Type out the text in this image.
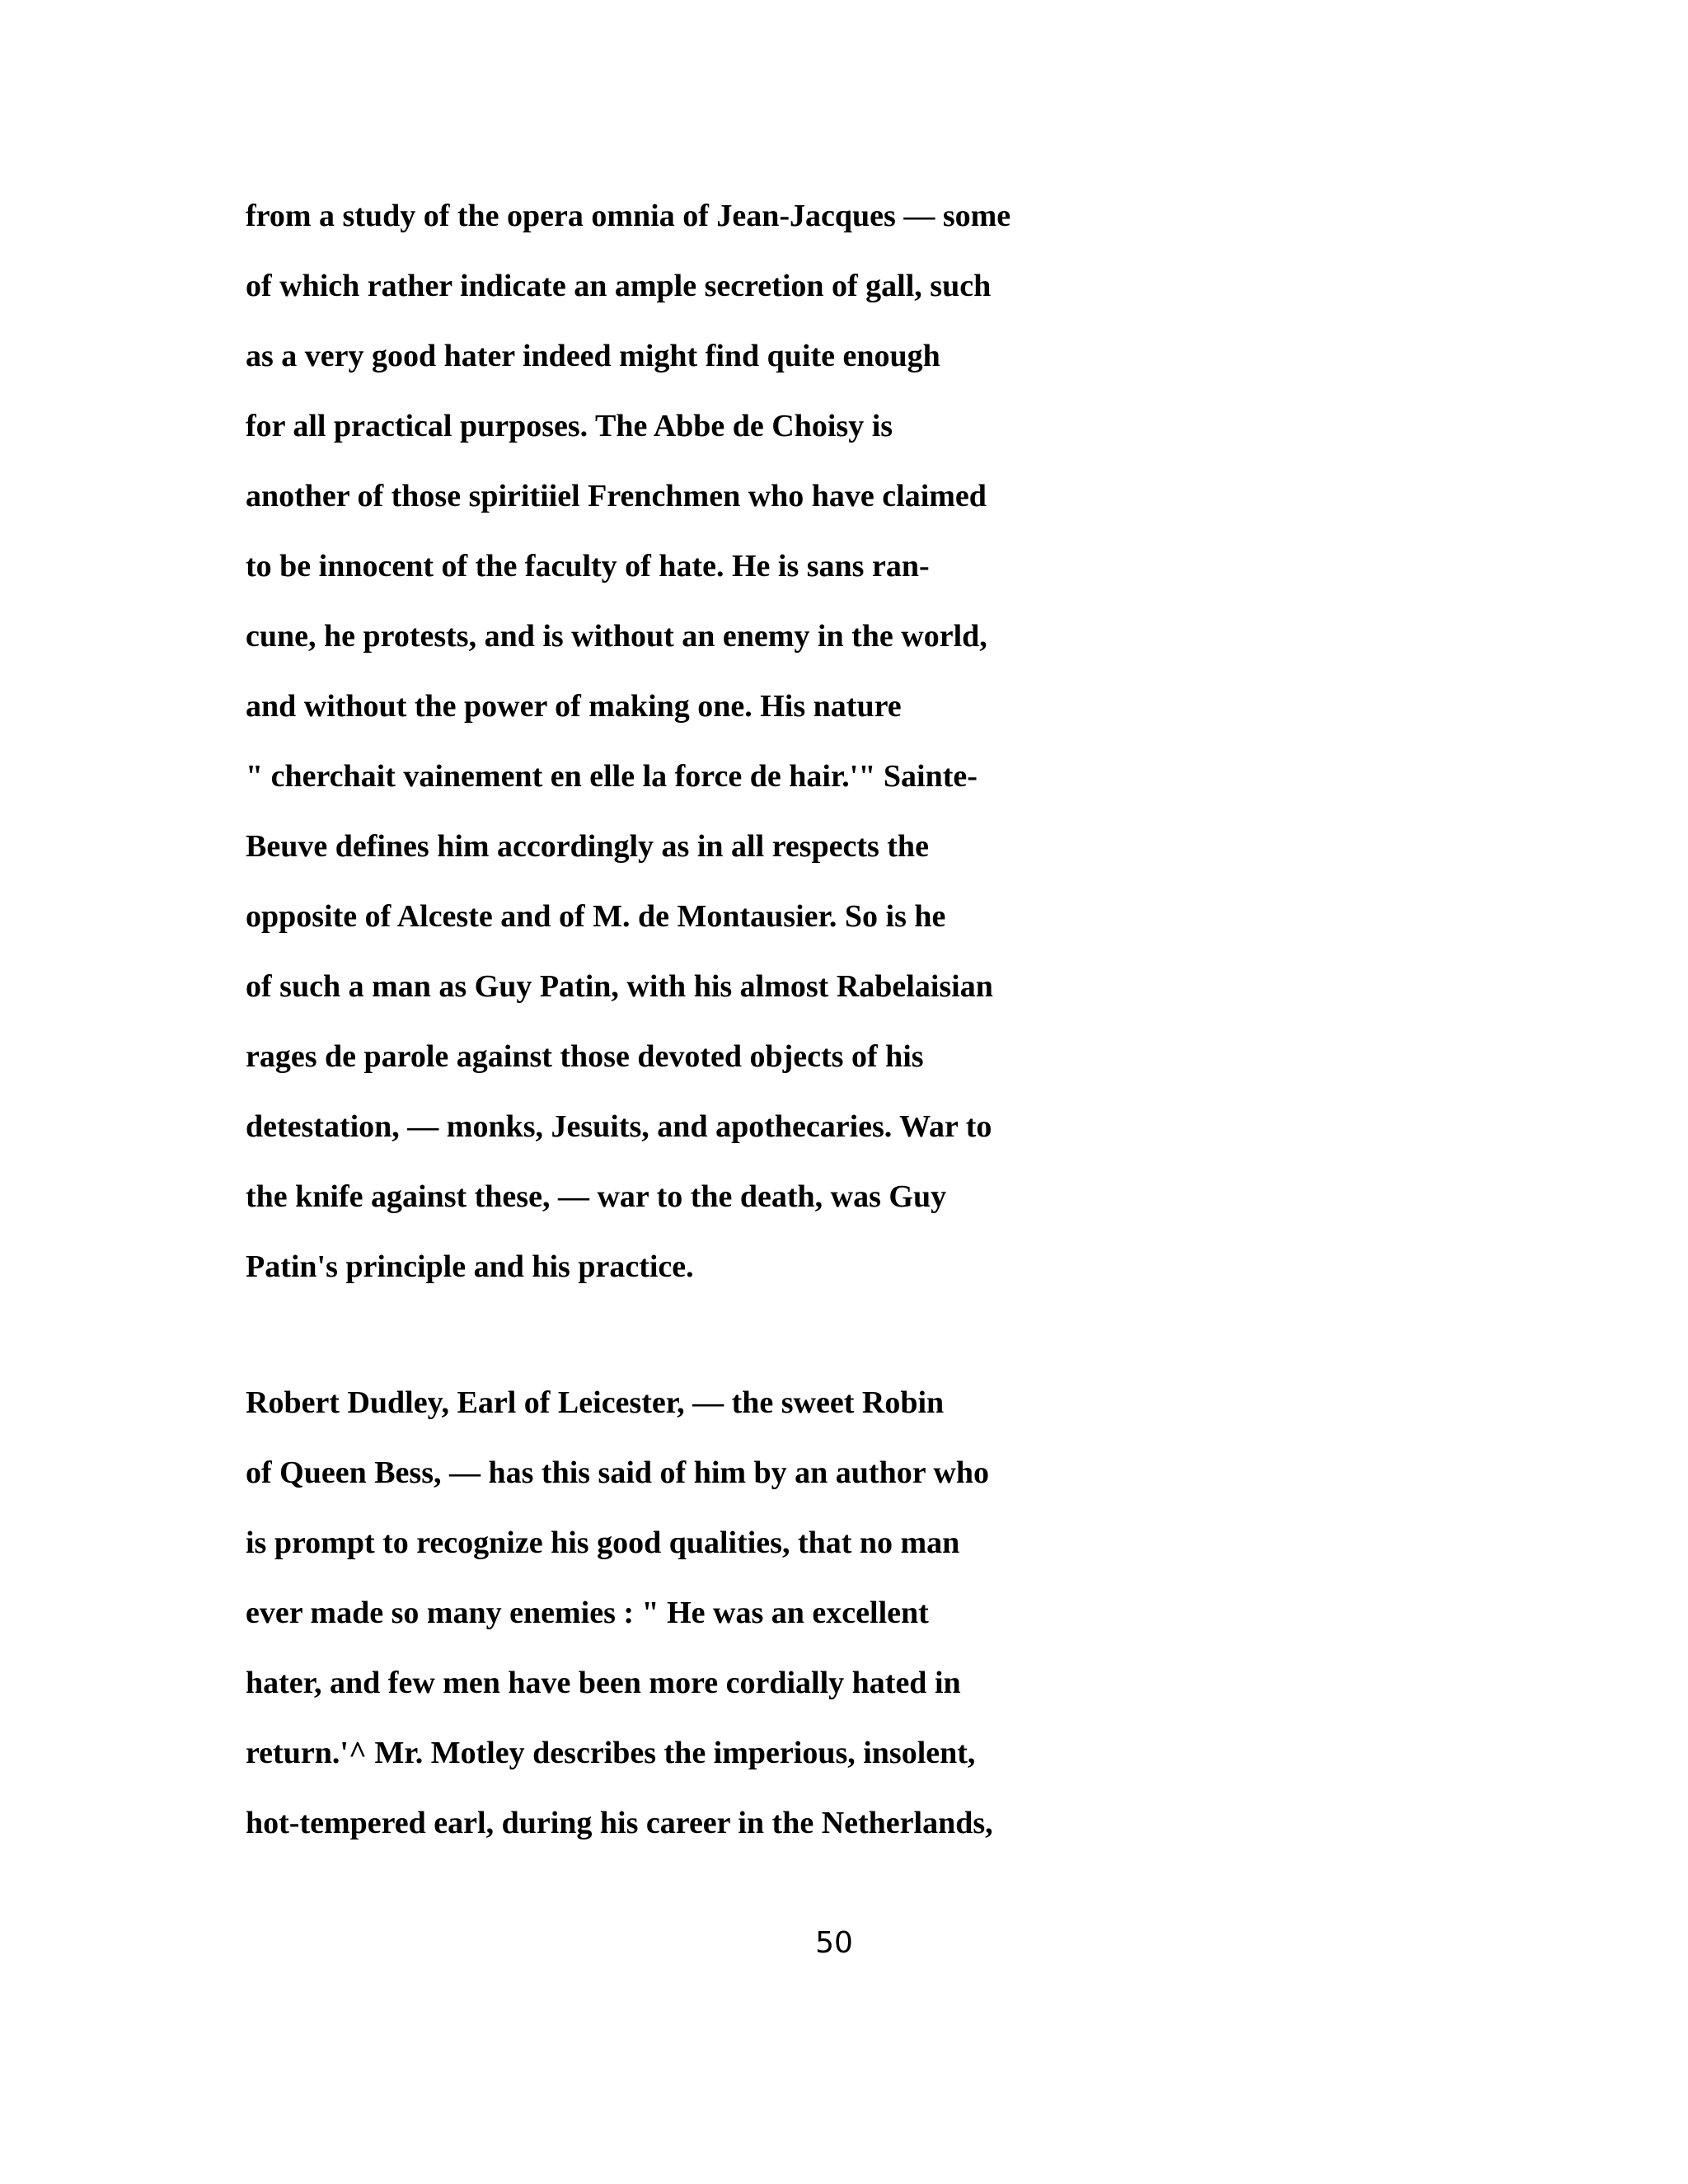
from a study of the opera omnia of Jean-Jacques — some
of which rather indicate an ample secretion of gall, such
as a very good hater indeed might find quite enough
for all practical purposes. The Abbe de Choisy is
another of those spiritiiel Frenchmen who have claimed
to be innocent of the faculty of hate. He is sans ran-
cune, he protests, and is without an enemy in the world,
and without the power of making one. His nature
" cherchait vainement en elle la force de hair.'" Sainte-
Beuve defines him accordingly as in all respects the
opposite of Alceste and of M. de Montausier. So is he
of such a man as Guy Patin, with his almost Rabelaisian
rages de parole against those devoted objects of his
detestation, — monks, Jesuits, and apothecaries. War to
the knife against these, — war to the death, was Guy
Patin's principle and his practice.
Robert Dudley, Earl of Leicester, — the sweet Robin
of Queen Bess, — has this said of him by an author who
is prompt to recognize his good qualities, that no man
ever made so many enemies : " He was an excellent
hater, and few men have been more cordially hated in
return.'^ Mr. Motley describes the imperious, insolent,
hot-tempered earl, during his career in the Netherlands,
50
